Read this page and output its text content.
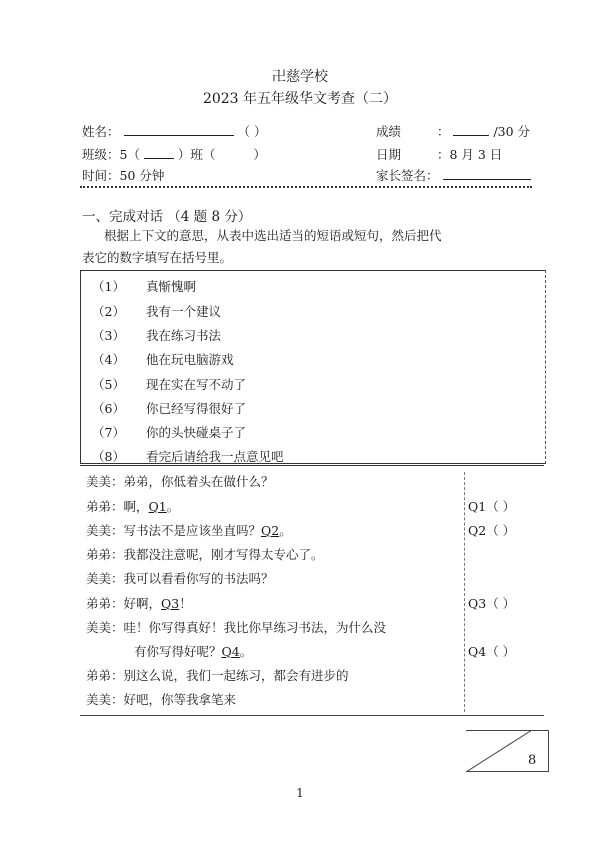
卍慈学校
2023 年五年级华文考查（二）
姓名：	（ ）	成绩	：	/30 分
班级：5（	）班（	）	日期	：8 月 3 日
时间：50 分钟	家长签名：
一、完成对话 （4 题 8 分）
根据上下文的意思，从表中选出适当的短语或短句，然后把代
表它的数字填写在括号里。
（1） 真惭愧啊
（2） 我有一个建议
（3） 我在练习书法
（4） 他在玩电脑游戏
（5） 现在实在写不动了
（6） 你已经写得很好了
（7） 你的头快碰桌子了
（8） 看完后请给我一点意见吧
美美：弟弟，你低着头在做什么？
弟弟：啊，Q1。
美美：写书法不是应该坐直吗？Q2。
弟弟：我都没注意呢，刚才写得太专心了。
美美：我可以看看你写的书法吗？
弟弟：好啊，Q3！
美美：哇！你写得真好！我比你早练习书法，为什么没
有你写得好呢？Q4。
弟弟：别这么说，我们一起练习，都会有进步的
美美：好吧，你等我拿笔来
Q1（ ）
Q2（ ）
Q3（ ）
Q4（ ）
8
1
